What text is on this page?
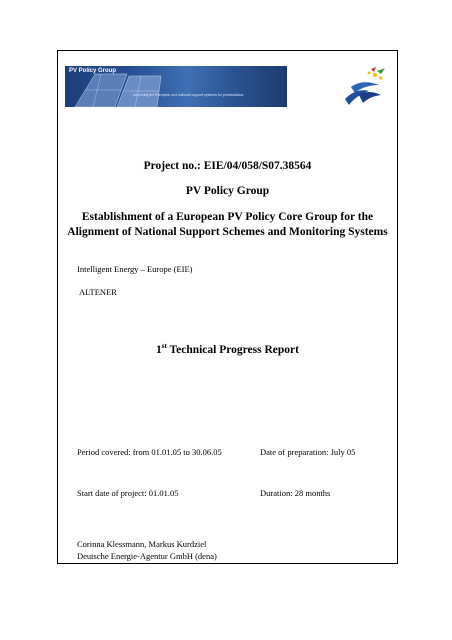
PV Policy Group
Improving the European and national support systems for photovoltaics
Project no.: EIE/04/058/S07.38564
PV Policy Group
Establishment of a European PV Policy Core Group for the
Alignment of National Support Schemes and Monitoring Systems
Intelligent Energy – Europe (EIE)
ALTENER
1st Technical Progress Report
Period covered: from 01.01.05 to 30.06.05	Date of preparation: July 05
Start date of project: 01.01.05	Duration: 28 months
Corinna Klessmann, Markus Kurdziel
Deutsche Energie-Agentur GmbH (dena)
